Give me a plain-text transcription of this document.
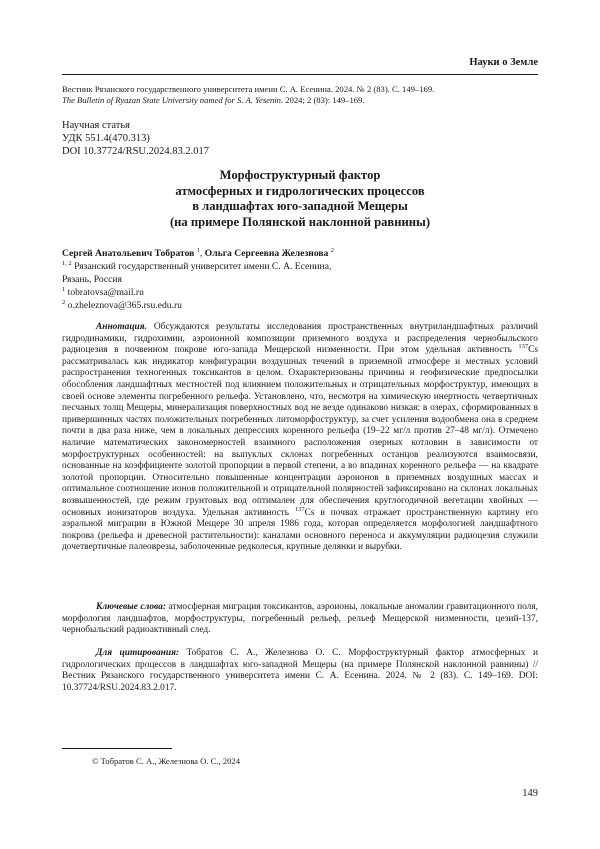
Науки о Земле
Вестник Рязанского государственного университета имени С. А. Есенина. 2024. № 2 (83). С. 149–169.
The Bulletin of Ryazan State University named for S. A. Yesenin. 2024; 2 (83): 149–169.
Научная статья
УДК 551.4(470.313)
DOI 10.37724/RSU.2024.83.2.017
Морфоструктурный фактор
атмосферных и гидрологических процессов
в ландшафтах юго-западной Мещеры
(на примере Полянской наклонной равнины)
Сергей Анатольевич Тобратов $^1$, Ольга Сергеевна Железнова $^2$
$^{1, 2}$ Рязанский государственный университет имени С. А. Есенина,
Рязань, Россия
$^1$ tobratovsa@mail.ru
$^2$ o.zheleznova@365.rsu.edu.ru
Аннотация. Обсуждаются результаты исследования пространственных внутриландшафтных различий гидродинамики, гидрохимии, аэроионной композиции приземного воздуха и распределения чернобыльского радиоцезия в почвенном покрове юго-запада Мещерской низменности. При этом удельная активность $^{137}$Cs рассматривалась как индикатор конфигурации воздушных течений в приземной атмосфере и местных условий распространения техногенных токсикантов в целом. Охарактеризованы причины и геофизические предпосылки обособления ландшафтных местностей под влиянием положительных и отрицательных морфоструктур, имеющих в своей основе элементы погребенного рельефа. Установлено, что, несмотря на химическую инертность четвертичных песчаных толщ Мещеры, минерализация поверхностных вод не везде одинаково низкая: в озерах, сформированных в привершинных частях положительных погребенных литоморфоструктур, за счет усиления водообмена она в среднем почти в два раза ниже, чем в локальных депрессиях коренного рельефа (19–22 мг/л против 27–48 мг/л). Отмечено наличие математических закономерностей взаимного расположения озерных котловин в зависимости от морфоструктурных особенностей: на выпуклых склонах погребенных останцов реализуются взаимосвязи, основанные на коэффициенте золотой пропорции в первой степени, а во впадинах коренного рельефа — на квадрате золотой пропорции. Относительно повышенные концентрации аэроионов в приземных воздушных массах и оптимальное соотношение ионов положительной и отрицательной полярностей зафиксировано на склонах локальных возвышенностей, где режим грунтовых вод оптимален для обеспечения круглогодичной вегетации хвойных — основных ионизаторов воздуха. Удельная активность $^{137}$Cs в почвах отражает пространственную картину его аэральной миграции в Южной Мещере 30 апреля 1986 года, которая определяется морфологией ландшафтного покрова (рельефа и древесной растительности): каналами основного переноса и аккумуляции радиоцезия служили дочетвертичные палеоврезы, заболоченные редколесья, крупные делянки и вырубки.
Ключевые слова: атмосферная миграция токсикантов, аэроионы, локальные аномалии гравитационного поля, морфология ландшафтов, морфоструктуры, погребенный рельеф, рельеф Мещерской низменности, цезий-137, чернобыльский радиоактивный след.
Для цитирования: Тобратов С. А., Железнова О. С. Морфоструктурный фактор атмосферных и гидрологических процессов в ландшафтах юго-западной Мещеры (на примере Полянской наклонной равнины) // Вестник Рязанского государственного университета имени С. А. Есенина. 2024. № 2 (83). С. 149–169. DOI: 10.37724/RSU.2024.83.2.017.
© Тобратов С. А., Железнова О. С., 2024
149
